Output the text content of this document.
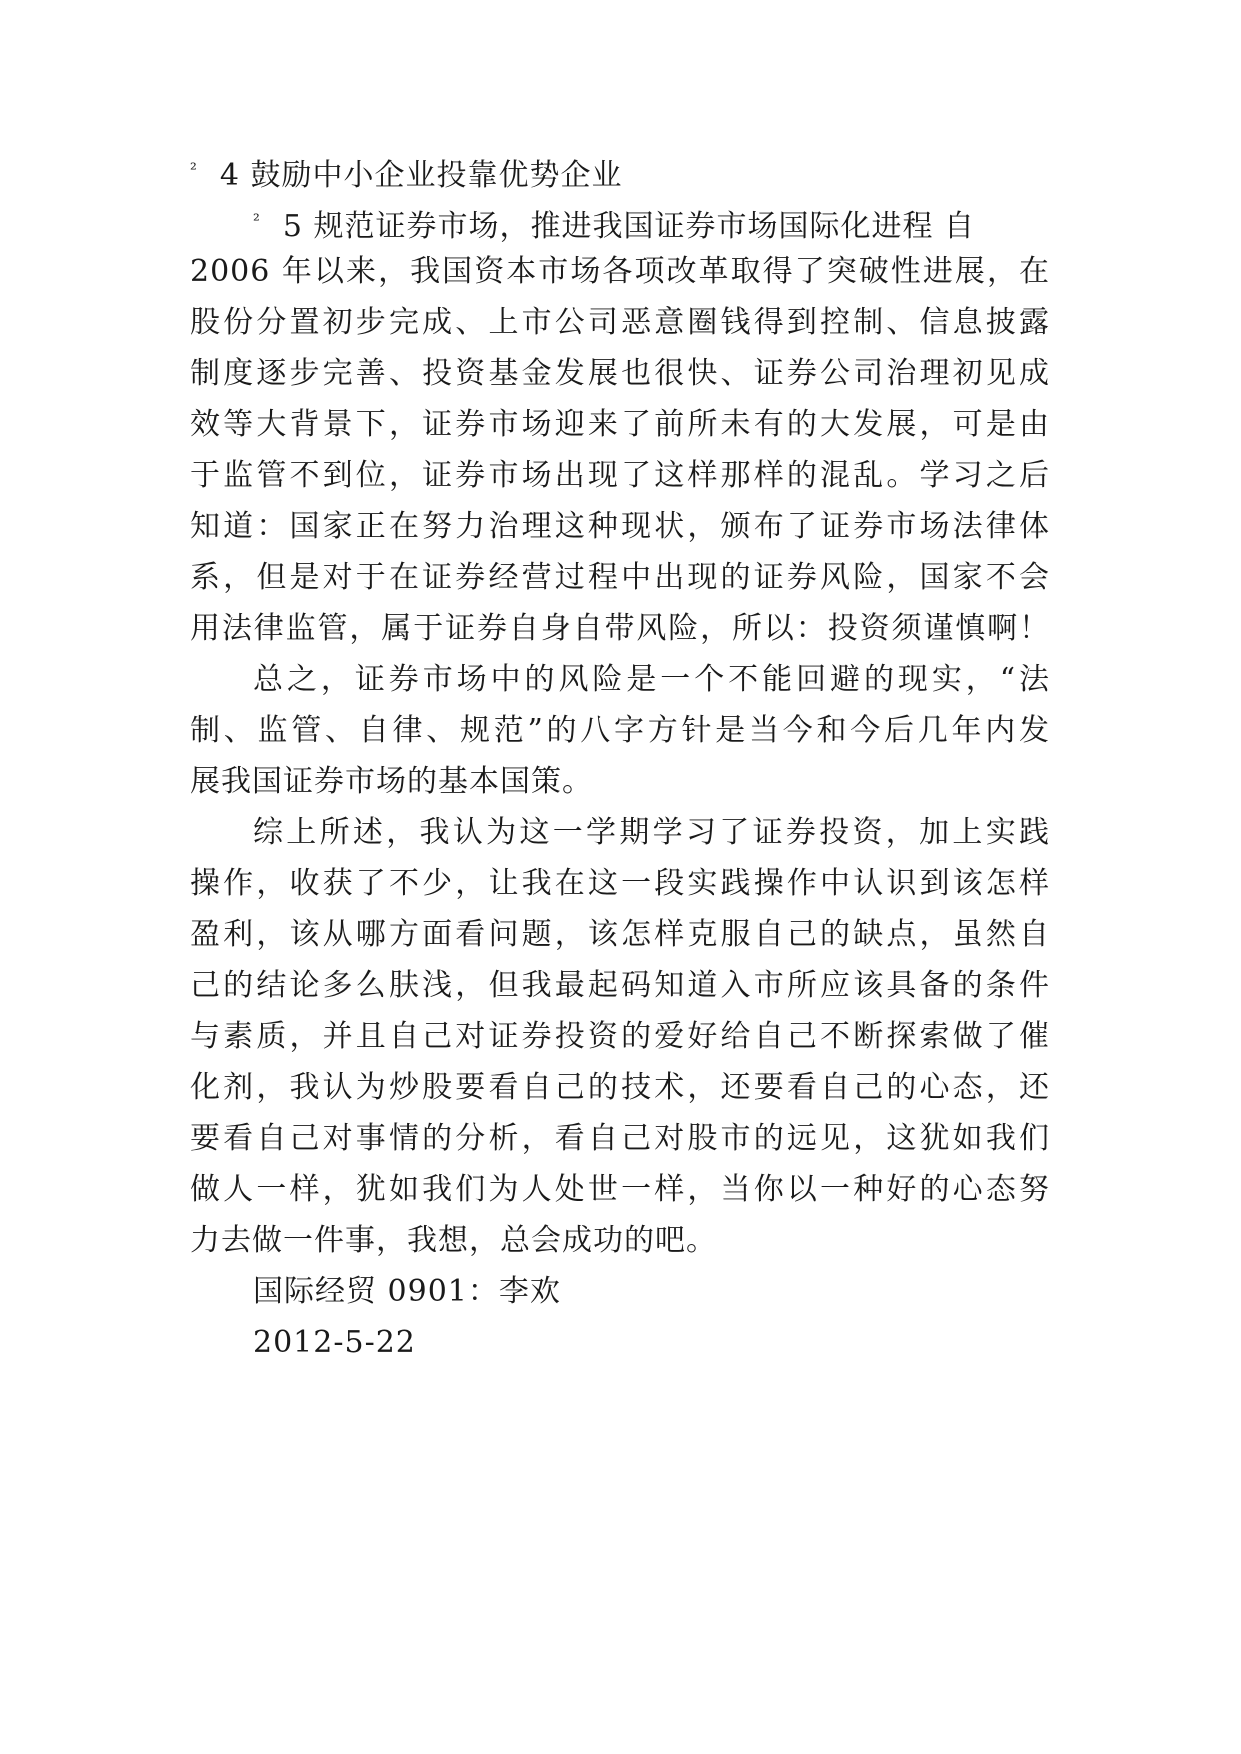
$^{^2}$ 4 鼓励中小企业投靠优势企业
$^{^2}$ 5 规范证券市场，推进我国证券市场国际化进程 自
2006 年以来，我国资本市场各项改革取得了突破性进展，在
股份分置初步完成、上市公司恶意圈钱得到控制、信息披露
制度逐步完善、投资基金发展也很快、证券公司治理初见成
效等大背景下，证券市场迎来了前所未有的大发展，可是由
于监管不到位，证券市场出现了这样那样的混乱。学习之后
知道：国家正在努力治理这种现状，颁布了证券市场法律体
系，但是对于在证券经营过程中出现的证券风险，国家不会
用法律监管，属于证券自身自带风险，所以：投资须谨慎啊！
总之，证券市场中的风险是一个不能回避的现实，“法
制、监管、自律、规范”的八字方针是当今和今后几年内发
展我国证券市场的基本国策。
综上所述，我认为这一学期学习了证券投资，加上实践
操作，收获了不少，让我在这一段实践操作中认识到该怎样
盈利，该从哪方面看问题，该怎样克服自己的缺点，虽然自
己的结论多么肤浅，但我最起码知道入市所应该具备的条件
与素质，并且自己对证券投资的爱好给自己不断探索做了催
化剂，我认为炒股要看自己的技术，还要看自己的心态，还
要看自己对事情的分析，看自己对股市的远见，这犹如我们
做人一样，犹如我们为人处世一样，当你以一种好的心态努
力去做一件事，我想，总会成功的吧。
国际经贸 0901：李欢
2012-5-22
